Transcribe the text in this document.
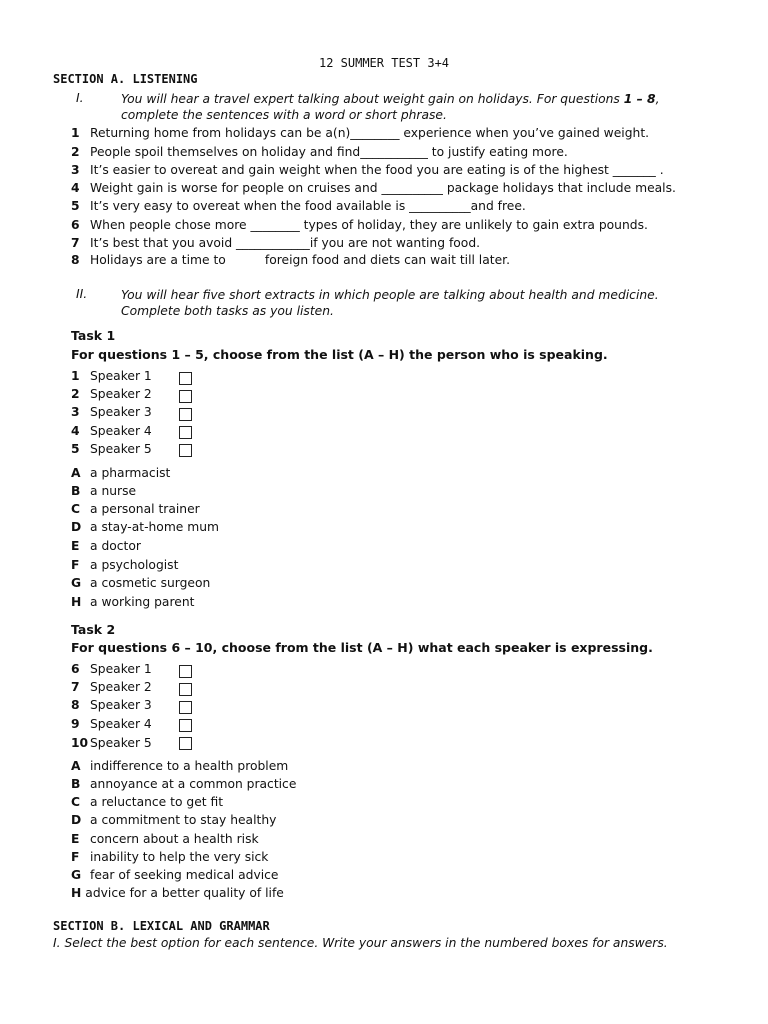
12 SUMMER TEST 3+4
SECTION A. LISTENING
I.	You will hear a travel expert talking about weight gain on holidays. For questions 1 – 8,
complete the sentences with a word or short phrase.
1 Returning home from holidays can be a(n)________ experience when you’ve gained weight.
2 People spoil themselves on holiday and find___________ to justify eating more.
3 It’s easier to overeat and gain weight when the food you are eating is of the highest _______ .
4 Weight gain is worse for people on cruises and __________ package holidays that include meals.
5 It’s very easy to overeat when the food available is __________and free.
6 When people chose more ________ types of holiday, they are unlikely to gain extra pounds.
7 It’s best that you avoid ____________if you are not wanting food.
8 Holidays are a time to          foreign food and diets can wait till later.
II.	You will hear five short extracts in which people are talking about health and medicine.
Complete both tasks as you listen.
Task 1
For questions 1 – 5, choose from the list (A – H) the person who is speaking.
1 Speaker 1
2 Speaker 2
3 Speaker 3
4 Speaker 4
5 Speaker 5
A a pharmacist
B a nurse
C a personal trainer
D a stay-at-home mum
E a doctor
F a psychologist
G a cosmetic surgeon
H a working parent
Task 2
For questions 6 – 10, choose from the list (A – H) what each speaker is expressing.
6 Speaker 1
7 Speaker 2
8 Speaker 3
9 Speaker 4
10 Speaker 5
A indifference to a health problem
B annoyance at a common practice
C a reluctance to get fit
D a commitment to stay healthy
E concern about a health risk
F inability to help the very sick
G fear of seeking medical advice
H advice for a better quality of life
SECTION B. LEXICAL AND GRAMMAR
I. Select the best option for each sentence. Write your answers in the numbered boxes for answers.
